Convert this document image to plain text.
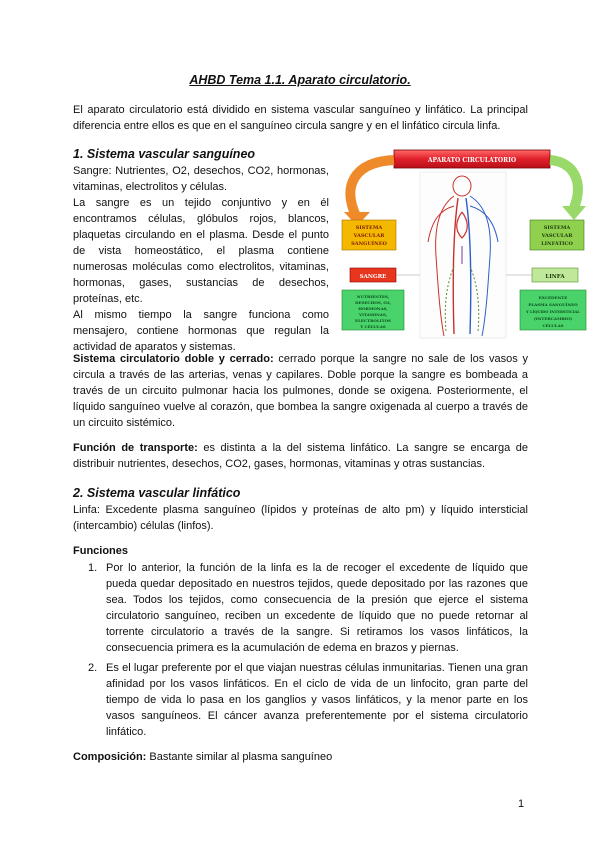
AHBD Tema 1.1. Aparato circulatorio.

El aparato circulatorio está dividido en sistema vascular sanguíneo y linfático. La principal diferencia entre ellos es que en el sanguíneo circula sangre y en el linfático circula linfa.

1. Sistema vascular sanguíneo

Sangre: Nutrientes, O2, desechos, CO2, hormonas, vitaminas, electrolitos y células.

La sangre es un tejido conjuntivo y en él encontramos células, glóbulos rojos, blancos, plaquetas circulando en el plasma. Desde el punto de vista homeostático, el plasma contiene numerosas moléculas como electrolitos, vitaminas, hormonas, gases, sustancias de desechos, proteínas, etc.

Al mismo tiempo la sangre funciona como mensajero, contiene hormonas que regulan la actividad de aparatos y sistemas.

APARATO CIRCULATORIO
SISTEMA
VASCULAR
SANGUÍNEO
SANGRE
NUTRIENTES,
DESECHOS, O2,
HORMONAS,
VITAMINAS,
ELECTROLITOS
Y CÉLULAS
SISTEMA
VASCULAR
LINFÁTICO
LINFA
EXCEDENTE
PLASMA SANGUÍNEO
Y LÍQUIDO INTERSTICIAL
(INTERCAMBIO)
CÉLULAS

Sistema circulatorio doble y cerrado: cerrado porque la sangre no sale de los vasos y circula a través de las arterias, venas y capilares. Doble porque la sangre es bombeada a través de un circuito pulmonar hacia los pulmones, donde se oxigena. Posteriormente, el líquido sanguíneo vuelve al corazón, que bombea la sangre oxigenada al cuerpo a través de un circuito sistémico.

Función de transporte: es distinta a la del sistema linfático. La sangre se encarga de distribuir nutrientes, desechos, CO2, gases, hormonas, vitaminas y otras sustancias.

2. Sistema vascular linfático

Linfa: Excedente plasma sanguíneo (lípidos y proteínas de alto pm) y líquido intersticial (intercambio) células (linfos).

Funciones
1. Por lo anterior, la función de la linfa es la de recoger el excedente de líquido que pueda quedar depositado en nuestros tejidos, quede depositado por las razones que sea. Todos los tejidos, como consecuencia de la presión que ejerce el sistema circulatorio sanguíneo, reciben un excedente de líquido que no puede retornar al torrente circulatorio a través de la sangre. Si retiramos los vasos linfáticos, la consecuencia primera es la acumulación de edema en brazos y piernas.
2. Es el lugar preferente por el que viajan nuestras células inmunitarias. Tienen una gran afinidad por los vasos linfáticos. En el ciclo de vida de un linfocito, gran parte del tiempo de vida lo pasa en los ganglios y vasos linfáticos, y la menor parte en los vasos sanguíneos. El cáncer avanza preferentemente por el sistema circulatorio linfático.

Composición: Bastante similar al plasma sanguíneo

1
